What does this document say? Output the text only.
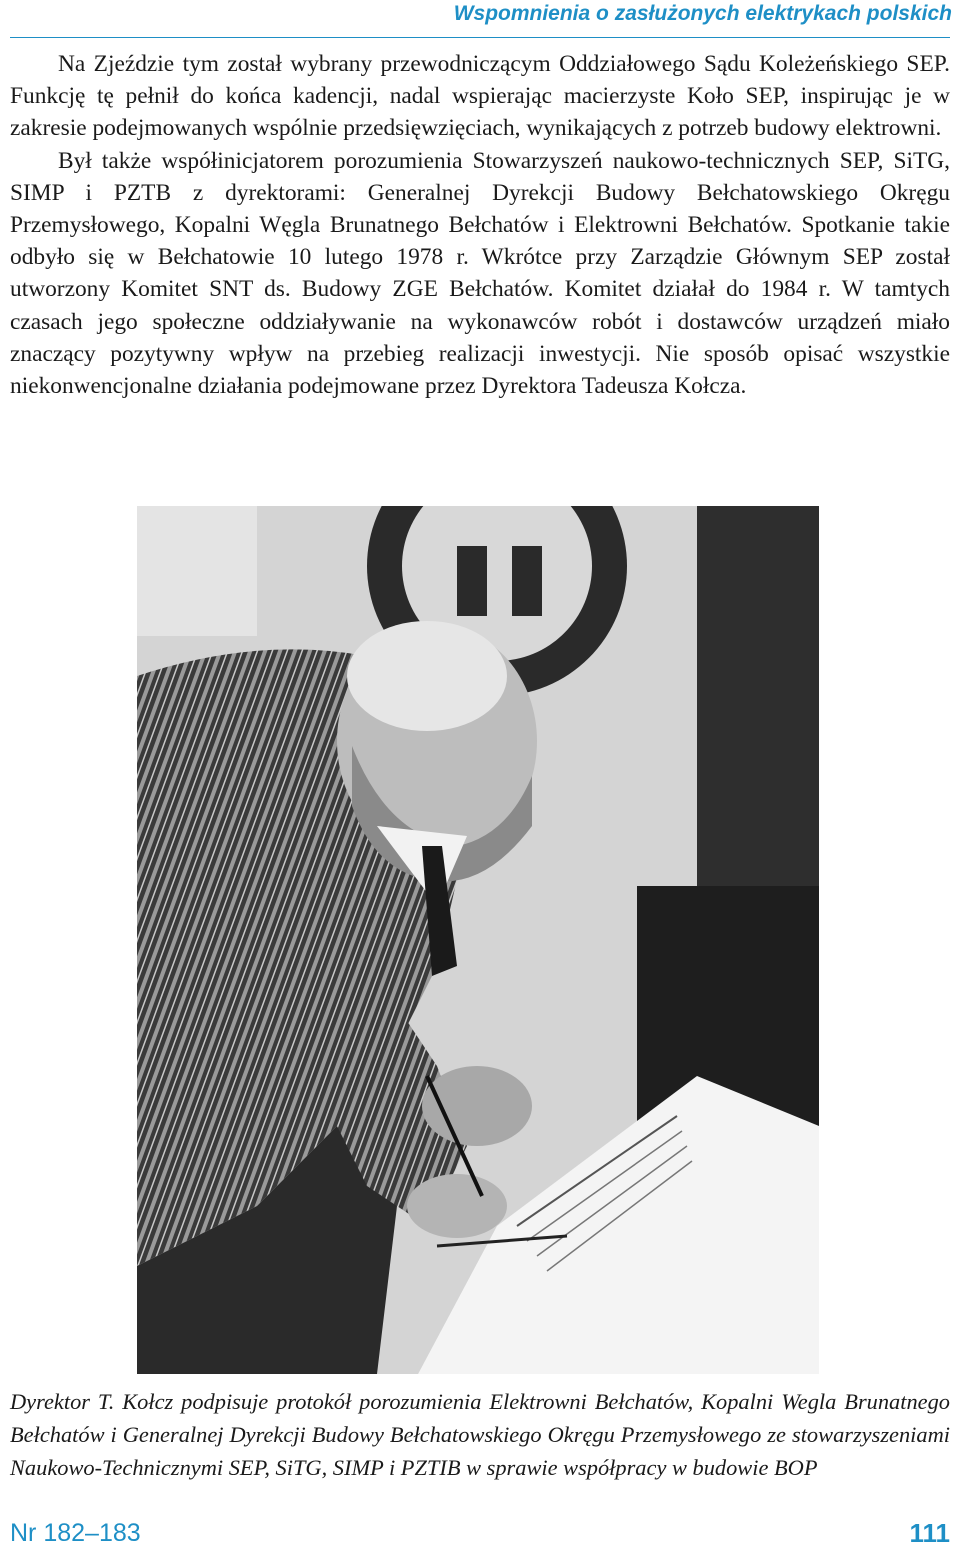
Wspomnienia o zasłużonych elektrykach polskich

Na Zjeździe tym został wybrany przewodniczącym Oddziałowego Sądu Koleżeńskiego SEP. Funkcję tę pełnił do końca kadencji, nadal wspierając macierzyste Koło SEP, inspirując je w zakresie podejmowanych wspólnie przedsięwzięciach, wynikających z potrzeb budowy elektrowni.

Był także współinicjatorem porozumienia Stowarzyszeń naukowo-technicznych SEP, SiTG, SIMP i PZTB z dyrektorami: Generalnej Dyrekcji Budowy Bełchatowskiego Okręgu Przemysłowego, Kopalni Węgla Brunatnego Bełchatów i Elektrowni Bełchatów. Spotkanie takie odbyło się w Bełchatowie 10 lutego 1978 r. Wkrótce przy Zarządzie Głównym SEP został utworzony Komitet SNT ds. Budowy ZGE Bełchatów. Komitet działał do 1984 r. W tamtych czasach jego społeczne oddziaływanie na wykonawców robót i dostawców urządzeń miało znaczący pozytywny wpływ na przebieg realizacji inwestycji. Nie sposób opisać wszystkie niekonwencjonalne działania podejmowane przez Dyrektora Tadeusza Kołcza.

Dyrektor T. Kołcz podpisuje protokół porozumienia Elektrowni Bełchatów, Kopalni Wegla Brunatnego Bełchatów i Generalnej Dyrekcji Budowy Bełchatowskiego Okręgu Przemysłowego ze stowarzyszeniami Naukowo-Technicznymi SEP, SiTG, SIMP i PZTIB w sprawie współpracy w budowie BOP
Nr 182–183	111
